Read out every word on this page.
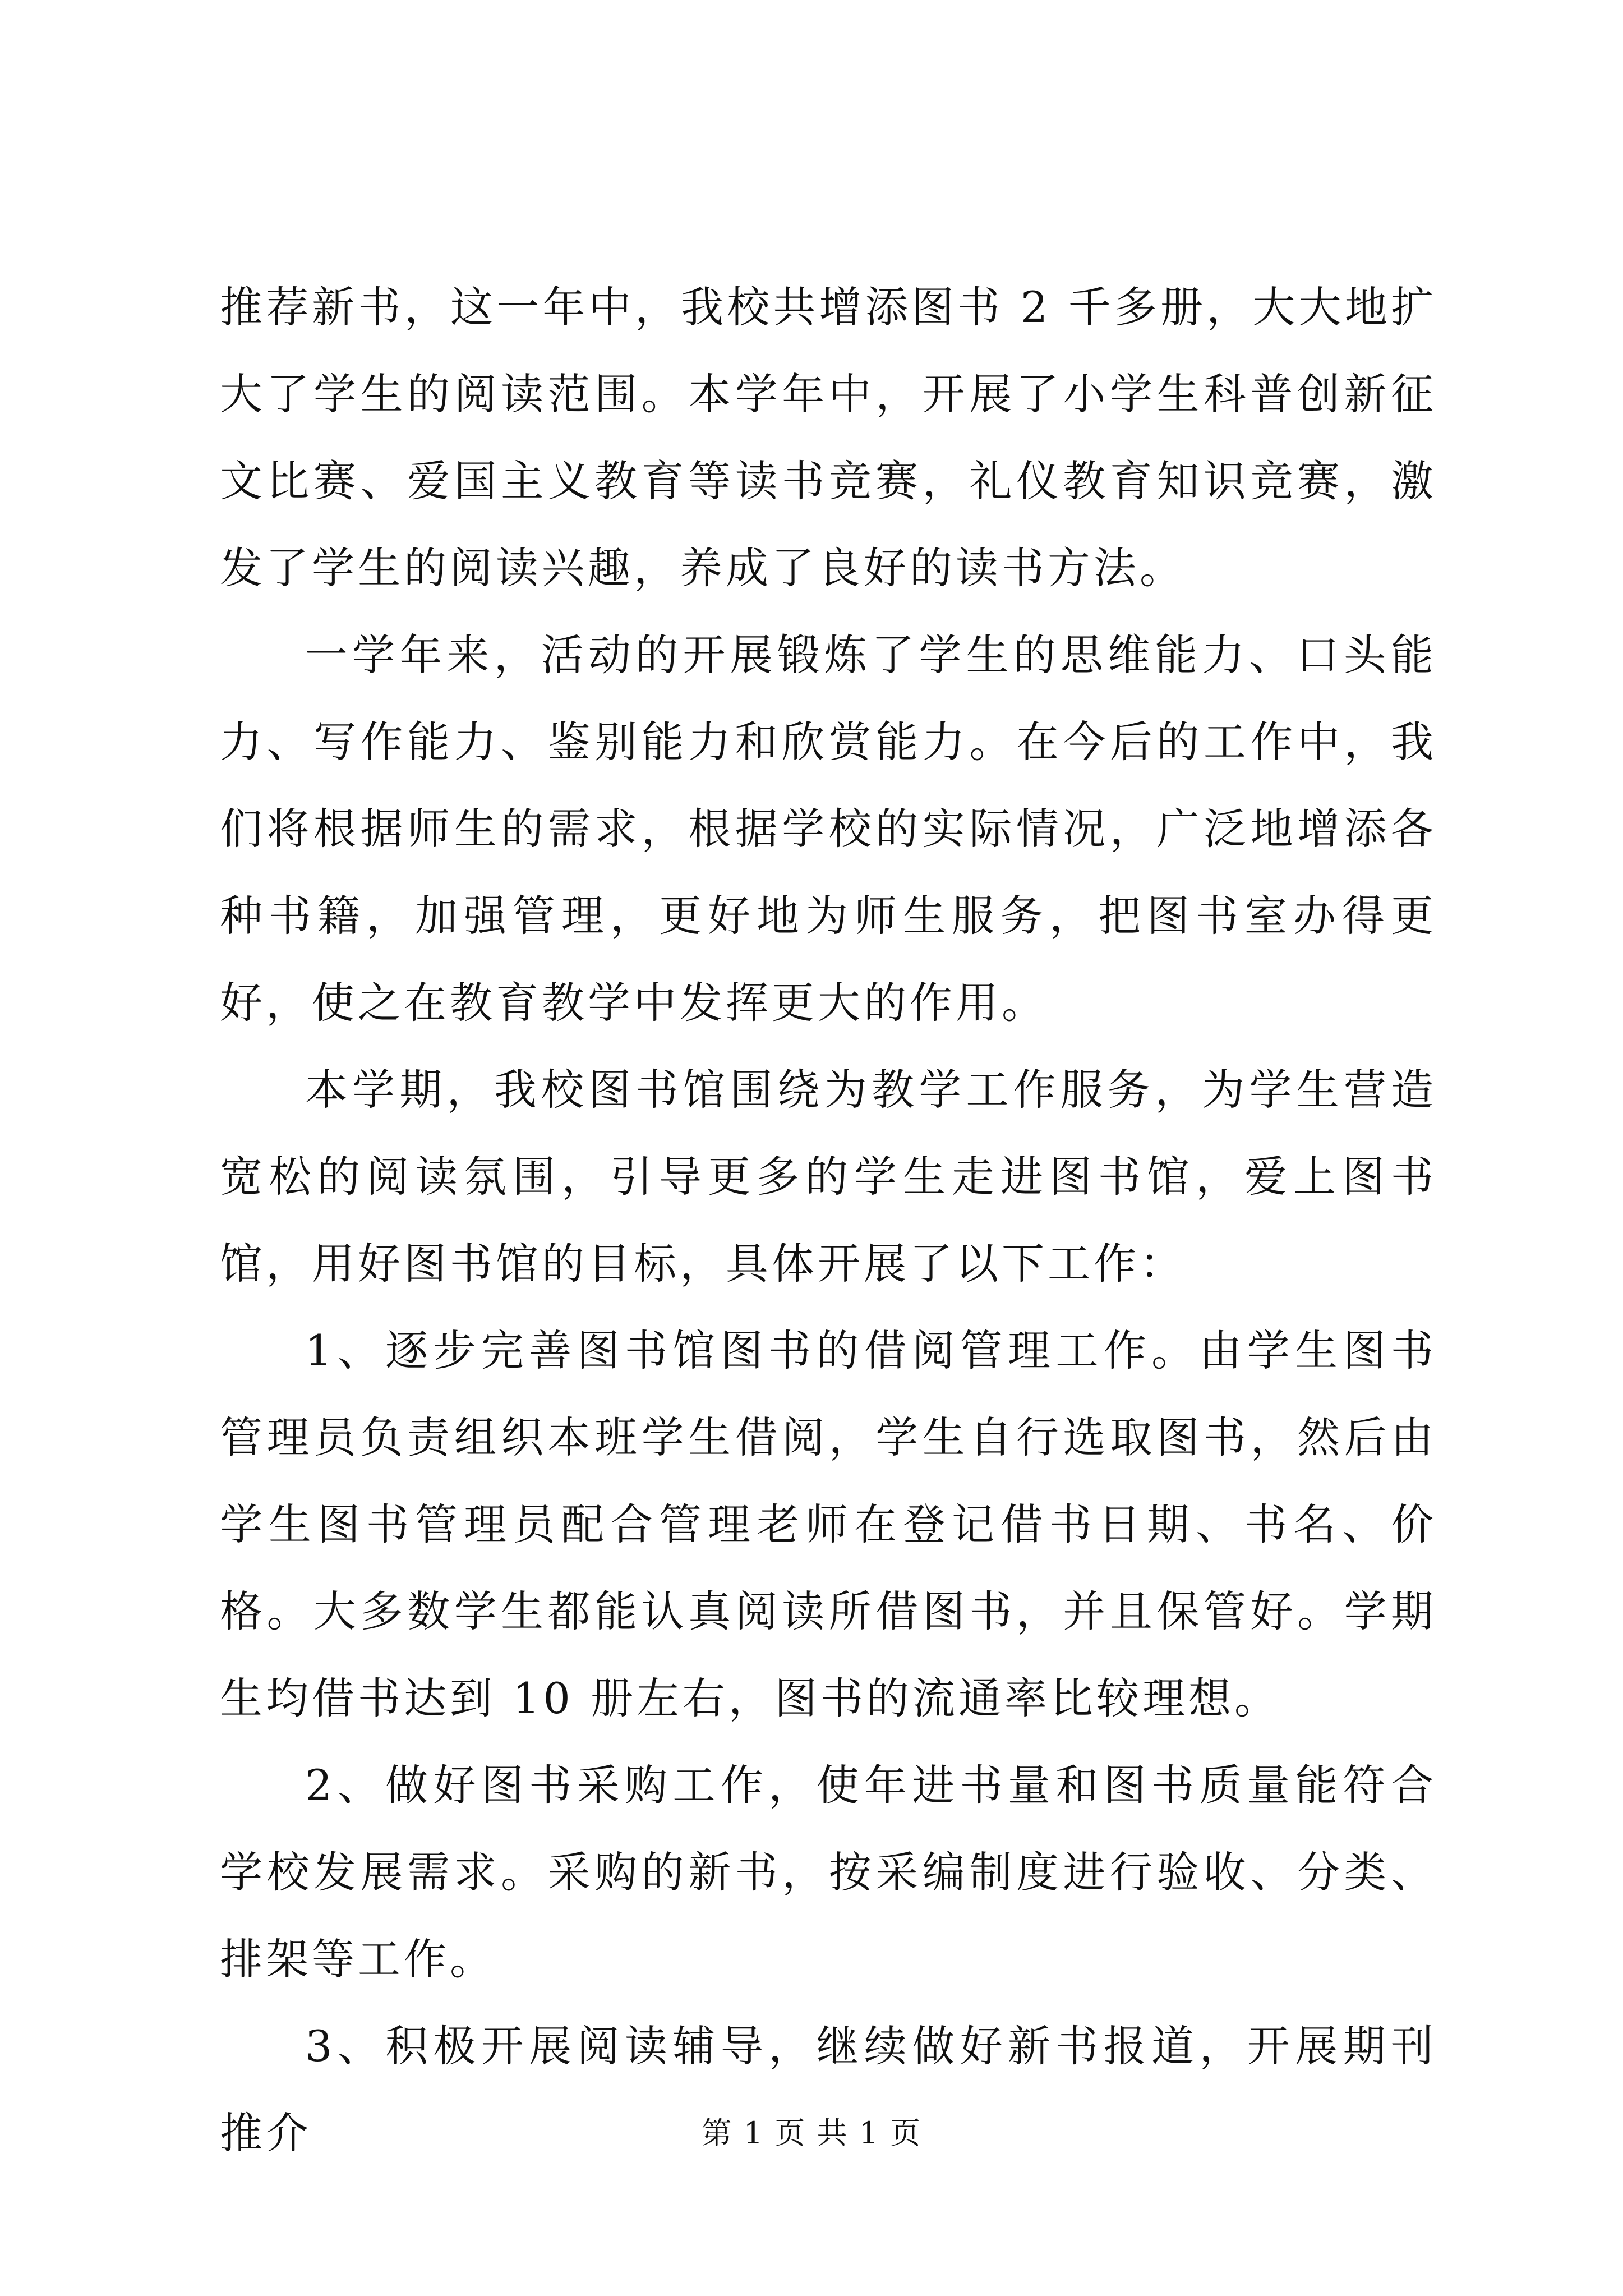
推荐新书，这一年中，我校共增添图书 2 千多册，大大地扩大了学生的阅读范围。本学年中，开展了小学生科普创新征文比赛、爱国主义教育等读书竞赛，礼仪教育知识竞赛，激发了学生的阅读兴趣，养成了良好的读书方法。

一学年来，活动的开展锻炼了学生的思维能力、口头能力、写作能力、鉴别能力和欣赏能力。在今后的工作中，我们将根据师生的需求，根据学校的实际情况，广泛地增添各种书籍，加强管理，更好地为师生服务，把图书室办得更好，使之在教育教学中发挥更大的作用。

本学期，我校图书馆围绕为教学工作服务，为学生营造宽松的阅读氛围，引导更多的学生走进图书馆，爱上图书馆，用好图书馆的目标，具体开展了以下工作：

1、逐步完善图书馆图书的借阅管理工作。由学生图书管理员负责组织本班学生借阅，学生自行选取图书，然后由学生图书管理员配合管理老师在登记借书日期、书名、价格。大多数学生都能认真阅读所借图书，并且保管好。学期生均借书达到 10 册左右，图书的流通率比较理想。

2、做好图书采购工作，使年进书量和图书质量能符合学校发展需求。采购的新书，按采编制度进行验收、分类、排架等工作。

3、积极开展阅读辅导，继续做好新书报道，开展期刊推介	第 1 页 共 1 页
